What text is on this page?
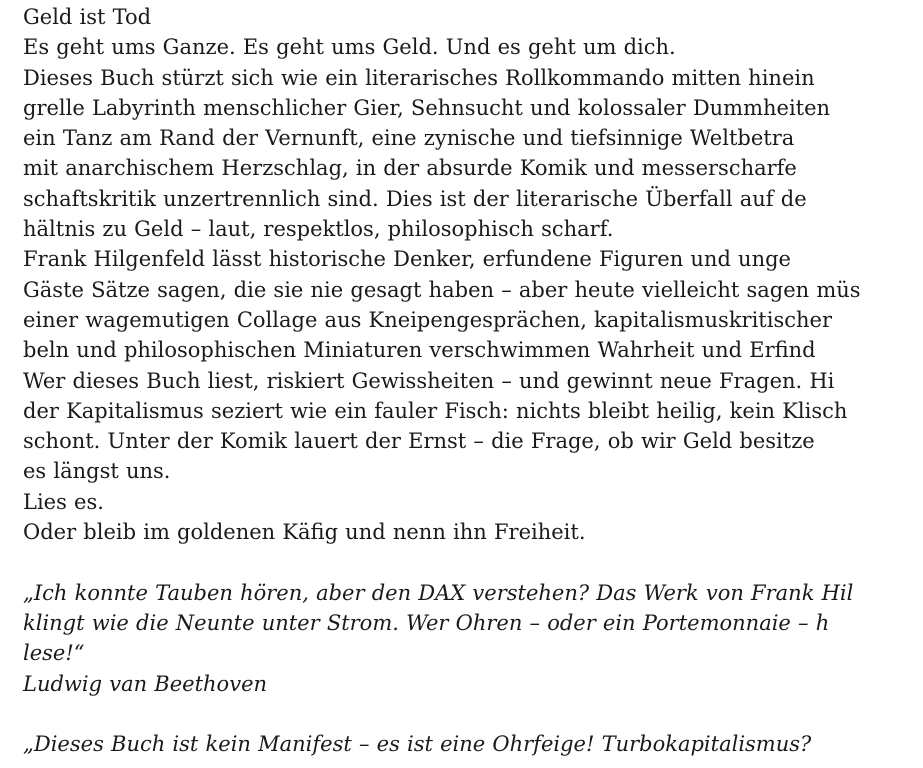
Geld ist Tod
Es geht ums Ganze. Es geht ums Geld. Und es geht um dich.
Dieses Buch stürzt sich wie ein literarisches Rollkommando mitten hinein
grelle Labyrinth menschlicher Gier, Sehnsucht und kolossaler Dummheiten
ein Tanz am Rand der Vernunft, eine zynische und tiefsinnige Weltbetra
mit anarchischem Herzschlag, in der absurde Komik und messerscharfe
schaftskritik unzertrennlich sind. Dies ist der literarische Überfall auf de
hältnis zu Geld – laut, respektlos, philosophisch scharf.
Frank Hilgenfeld lässt historische Denker, erfundene Figuren und unge
Gäste Sätze sagen, die sie nie gesagt haben – aber heute vielleicht sagen müs
einer wagemutigen Collage aus Kneipengesprächen, kapitalismuskritischer
beln und philosophischen Miniaturen verschwimmen Wahrheit und Erfind
Wer dieses Buch liest, riskiert Gewissheiten – und gewinnt neue Fragen. Hi
der Kapitalismus seziert wie ein fauler Fisch: nichts bleibt heilig, kein Klisch
schont. Unter der Komik lauert der Ernst – die Frage, ob wir Geld besitze
es längst uns.
Lies es.
Oder bleib im goldenen Käfig und nenn ihn Freiheit.
„Ich konnte Tauben hören, aber den DAX verstehen? Das Werk von Frank Hil
klingt wie die Neunte unter Strom. Wer Ohren – oder ein Portemonnaie – h
lese!“
Ludwig van Beethoven
„Dieses Buch ist kein Manifest – es ist eine Ohrfeige! Turbokapitalismus?
